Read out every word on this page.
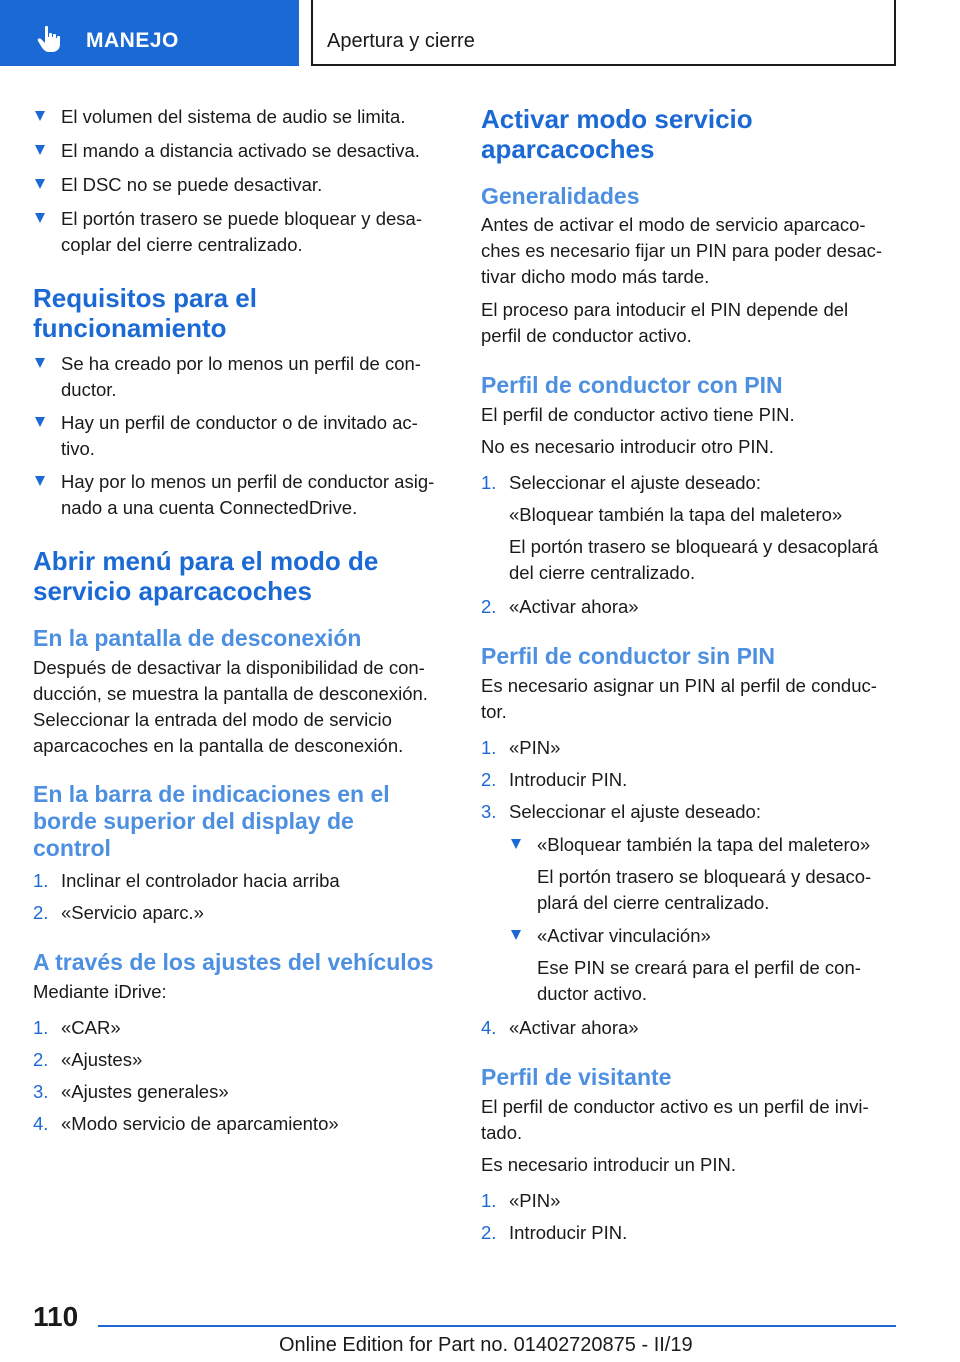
MANEJO	Apertura y cierre
El volumen del sistema de audio se limita.
El mando a distancia activado se desactiva.
El DSC no se puede desactivar.
El portón trasero se puede bloquear y desa-
coplar del cierre centralizado.
Requisitos para el
funcionamiento
Se ha creado por lo menos un perfil de con-
ductor.
Hay un perfil de conductor o de invitado ac-
tivo.
Hay por lo menos un perfil de conductor asig-
nado a una cuenta ConnectedDrive.
Abrir menú para el modo de
servicio aparcacoches
En la pantalla de desconexión
Después de desactivar la disponibilidad de con-
ducción, se muestra la pantalla de desconexión.
Seleccionar la entrada del modo de servicio
aparcacoches en la pantalla de desconexión.
En la barra de indicaciones en el
borde superior del display de
control
1. Inclinar el controlador hacia arriba
2. «Servicio aparc.»
A través de los ajustes del vehículos
Mediante iDrive:
1. «CAR»
2. «Ajustes»
3. «Ajustes generales»
4. «Modo servicio de aparcamiento»
Activar modo servicio
aparcacoches
Generalidades
Antes de activar el modo de servicio aparcaco-
ches es necesario fijar un PIN para poder desac-
tivar dicho modo más tarde.
El proceso para intoducir el PIN depende del
perfil de conductor activo.
Perfil de conductor con PIN
El perfil de conductor activo tiene PIN.
No es necesario introducir otro PIN.
1. Seleccionar el ajuste deseado:
«Bloquear también la tapa del maletero»
El portón trasero se bloqueará y desacoplará
del cierre centralizado.
2. «Activar ahora»
Perfil de conductor sin PIN
Es necesario asignar un PIN al perfil de conduc-
tor.
1. «PIN»
2. Introducir PIN.
3. Seleccionar el ajuste deseado:
«Bloquear también la tapa del maletero»
El portón trasero se bloqueará y desaco-
plará del cierre centralizado.
«Activar vinculación»
Ese PIN se creará para el perfil de con-
ductor activo.
4. «Activar ahora»
Perfil de visitante
El perfil de conductor activo es un perfil de invi-
tado.
Es necesario introducir un PIN.
1. «PIN»
2. Introducir PIN.
110
Online Edition for Part no. 01402720875 - II/19
